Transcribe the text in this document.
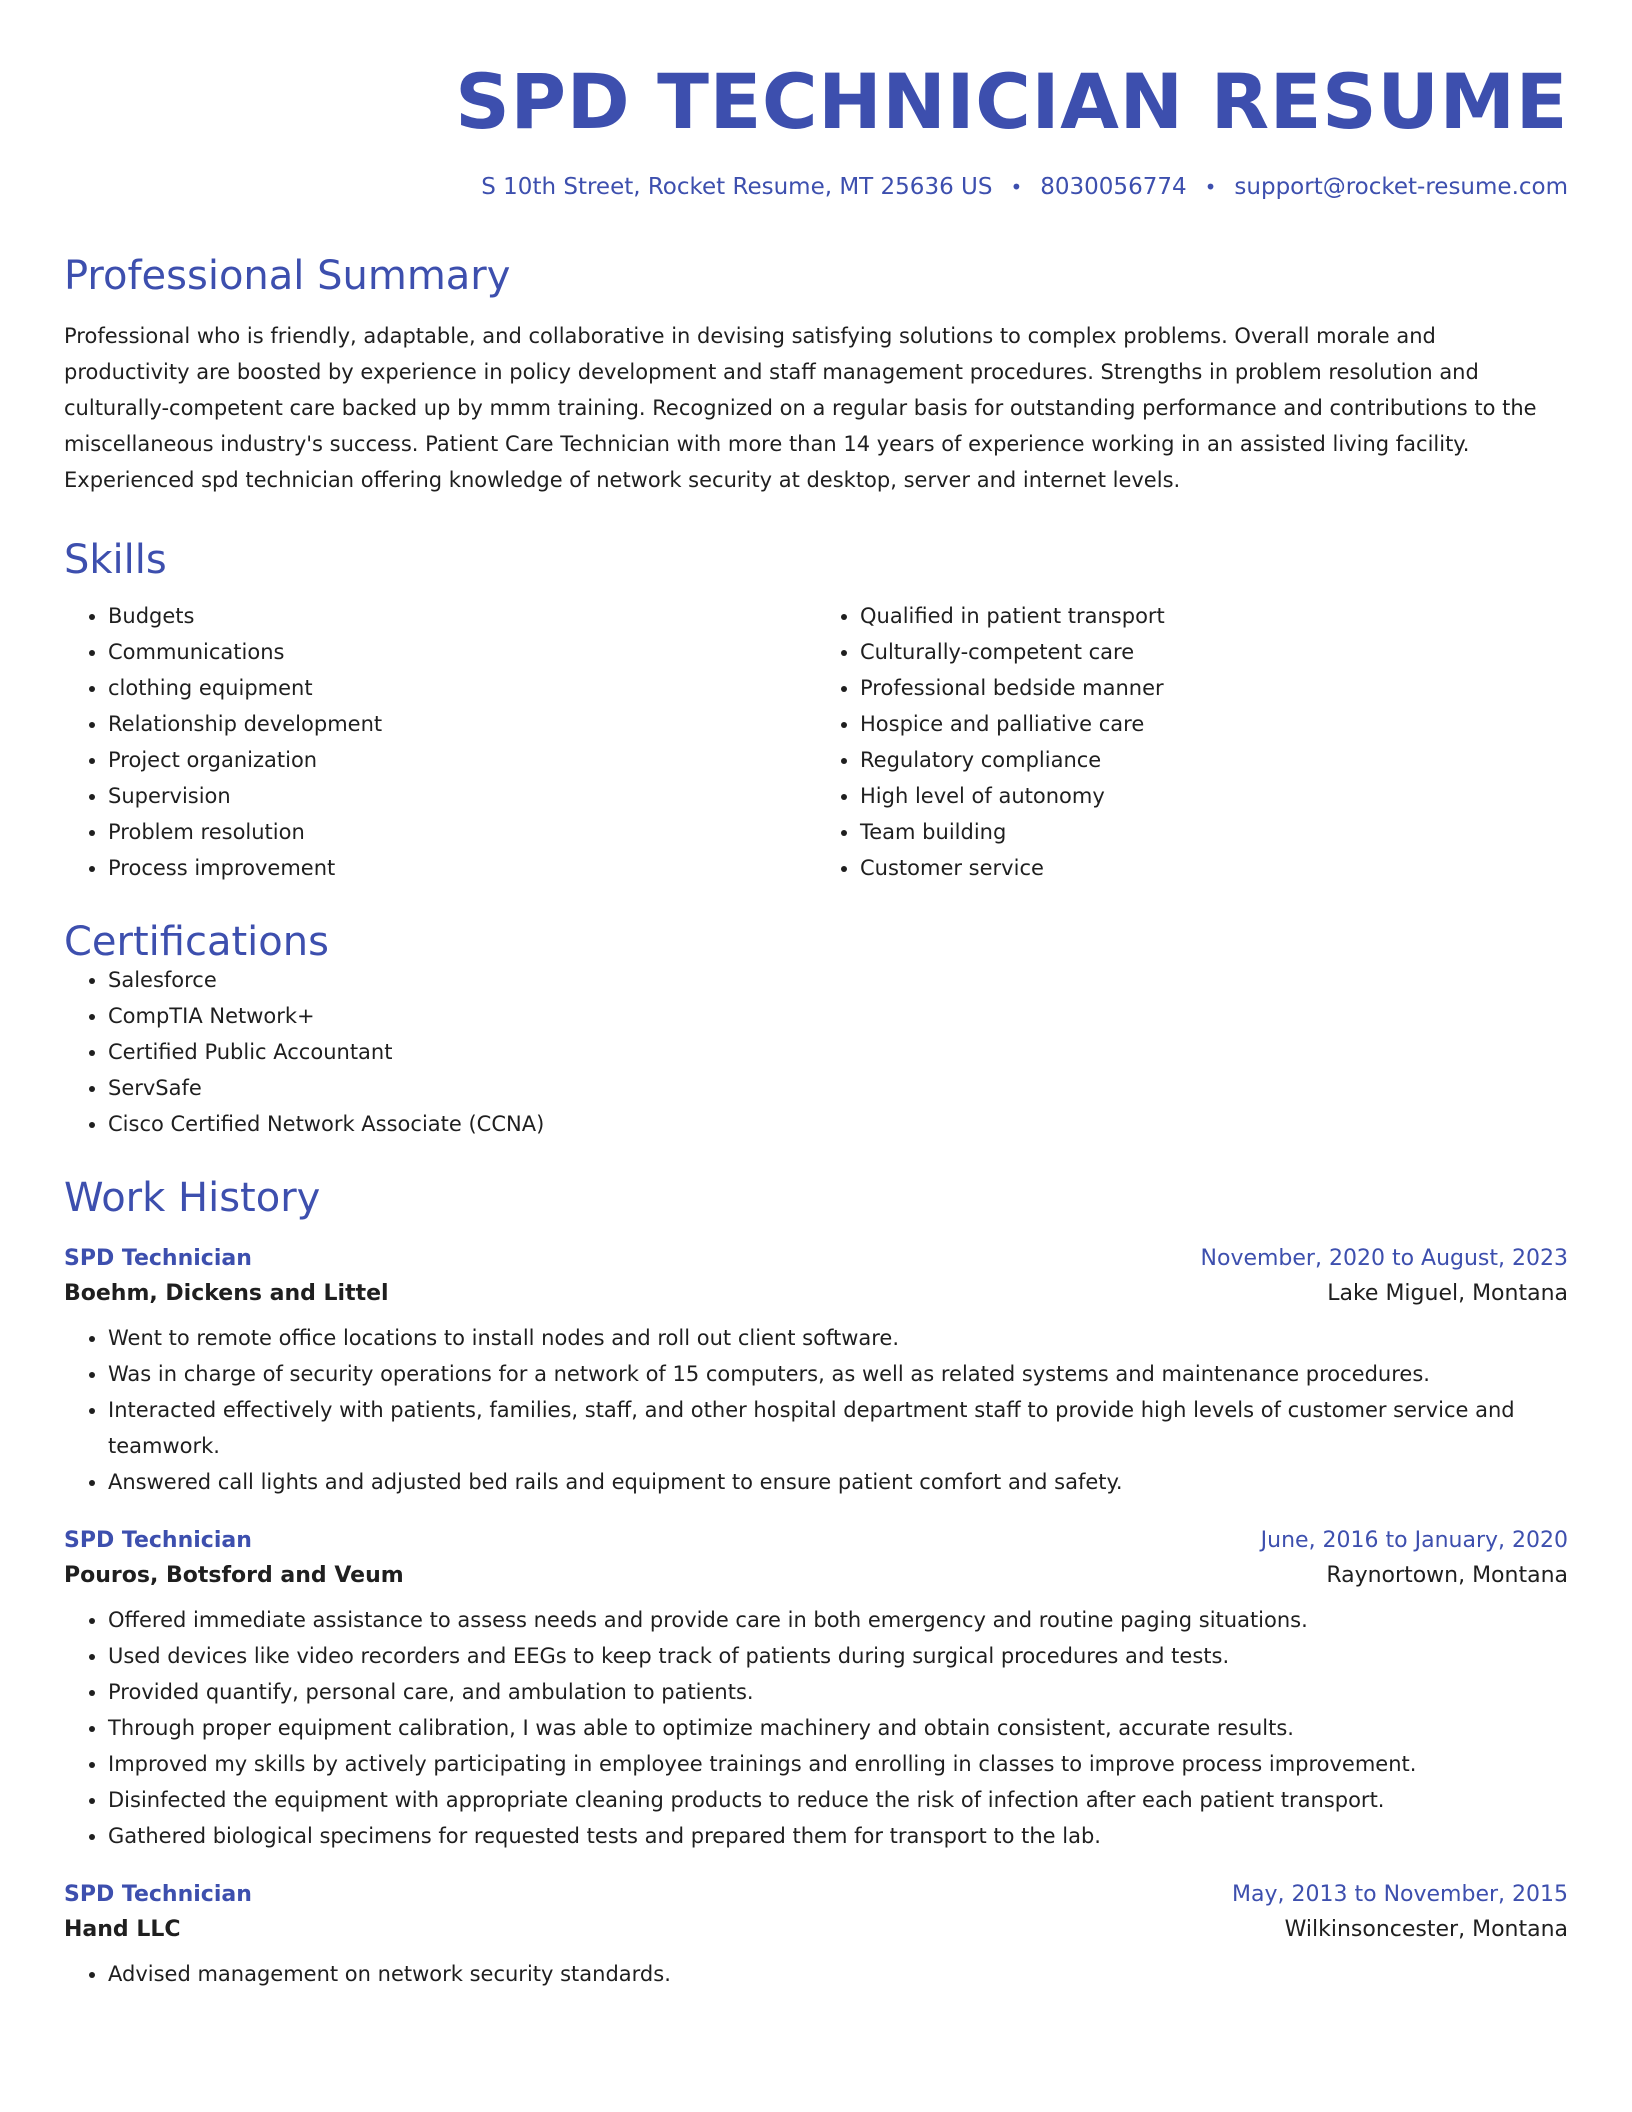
SPD TECHNICIAN RESUME
S 10th Street, Rocket Resume, MT 25636 US • 8030056774 • support@rocket-resume.com
Professional Summary

Professional who is friendly, adaptable, and collaborative in devising satisfying solutions to complex problems. Overall morale and productivity are boosted by experience in policy development and staff management procedures. Strengths in problem resolution and culturally-competent care backed up by mmm training. Recognized on a regular basis for outstanding performance and contributions to the miscellaneous industry's success. Patient Care Technician with more than 14 years of experience working in an assisted living facility. Experienced spd technician offering knowledge of network security at desktop, server and internet levels.

Skills
• Budgets
• Communications
• clothing equipment
• Relationship development
• Project organization
• Supervision
• Problem resolution
• Process improvement
• Qualified in patient transport
• Culturally-competent care
• Professional bedside manner
• Hospice and palliative care
• Regulatory compliance
• High level of autonomy
• Team building
• Customer service
Certifications
• Salesforce
• CompTIA Network+
• Certified Public Accountant
• ServSafe
• Cisco Certified Network Associate (CCNA)
Work History
SPD Technician	November, 2020 to August, 2023
Boehm, Dickens and Littel	Lake Miguel, Montana
• Went to remote office locations to install nodes and roll out client software.
• Was in charge of security operations for a network of 15 computers, as well as related systems and maintenance procedures.
• Interacted effectively with patients, families, staff, and other hospital department staff to provide high levels of customer service and teamwork.
• Answered call lights and adjusted bed rails and equipment to ensure patient comfort and safety.
SPD Technician	June, 2016 to January, 2020
Pouros, Botsford and Veum	Raynortown, Montana
• Offered immediate assistance to assess needs and provide care in both emergency and routine paging situations.
• Used devices like video recorders and EEGs to keep track of patients during surgical procedures and tests.
• Provided quantify, personal care, and ambulation to patients.
• Through proper equipment calibration, I was able to optimize machinery and obtain consistent, accurate results.
• Improved my skills by actively participating in employee trainings and enrolling in classes to improve process improvement.
• Disinfected the equipment with appropriate cleaning products to reduce the risk of infection after each patient transport.
• Gathered biological specimens for requested tests and prepared them for transport to the lab.
SPD Technician	May, 2013 to November, 2015
Hand LLC	Wilkinsoncester, Montana
• Advised management on network security standards.
